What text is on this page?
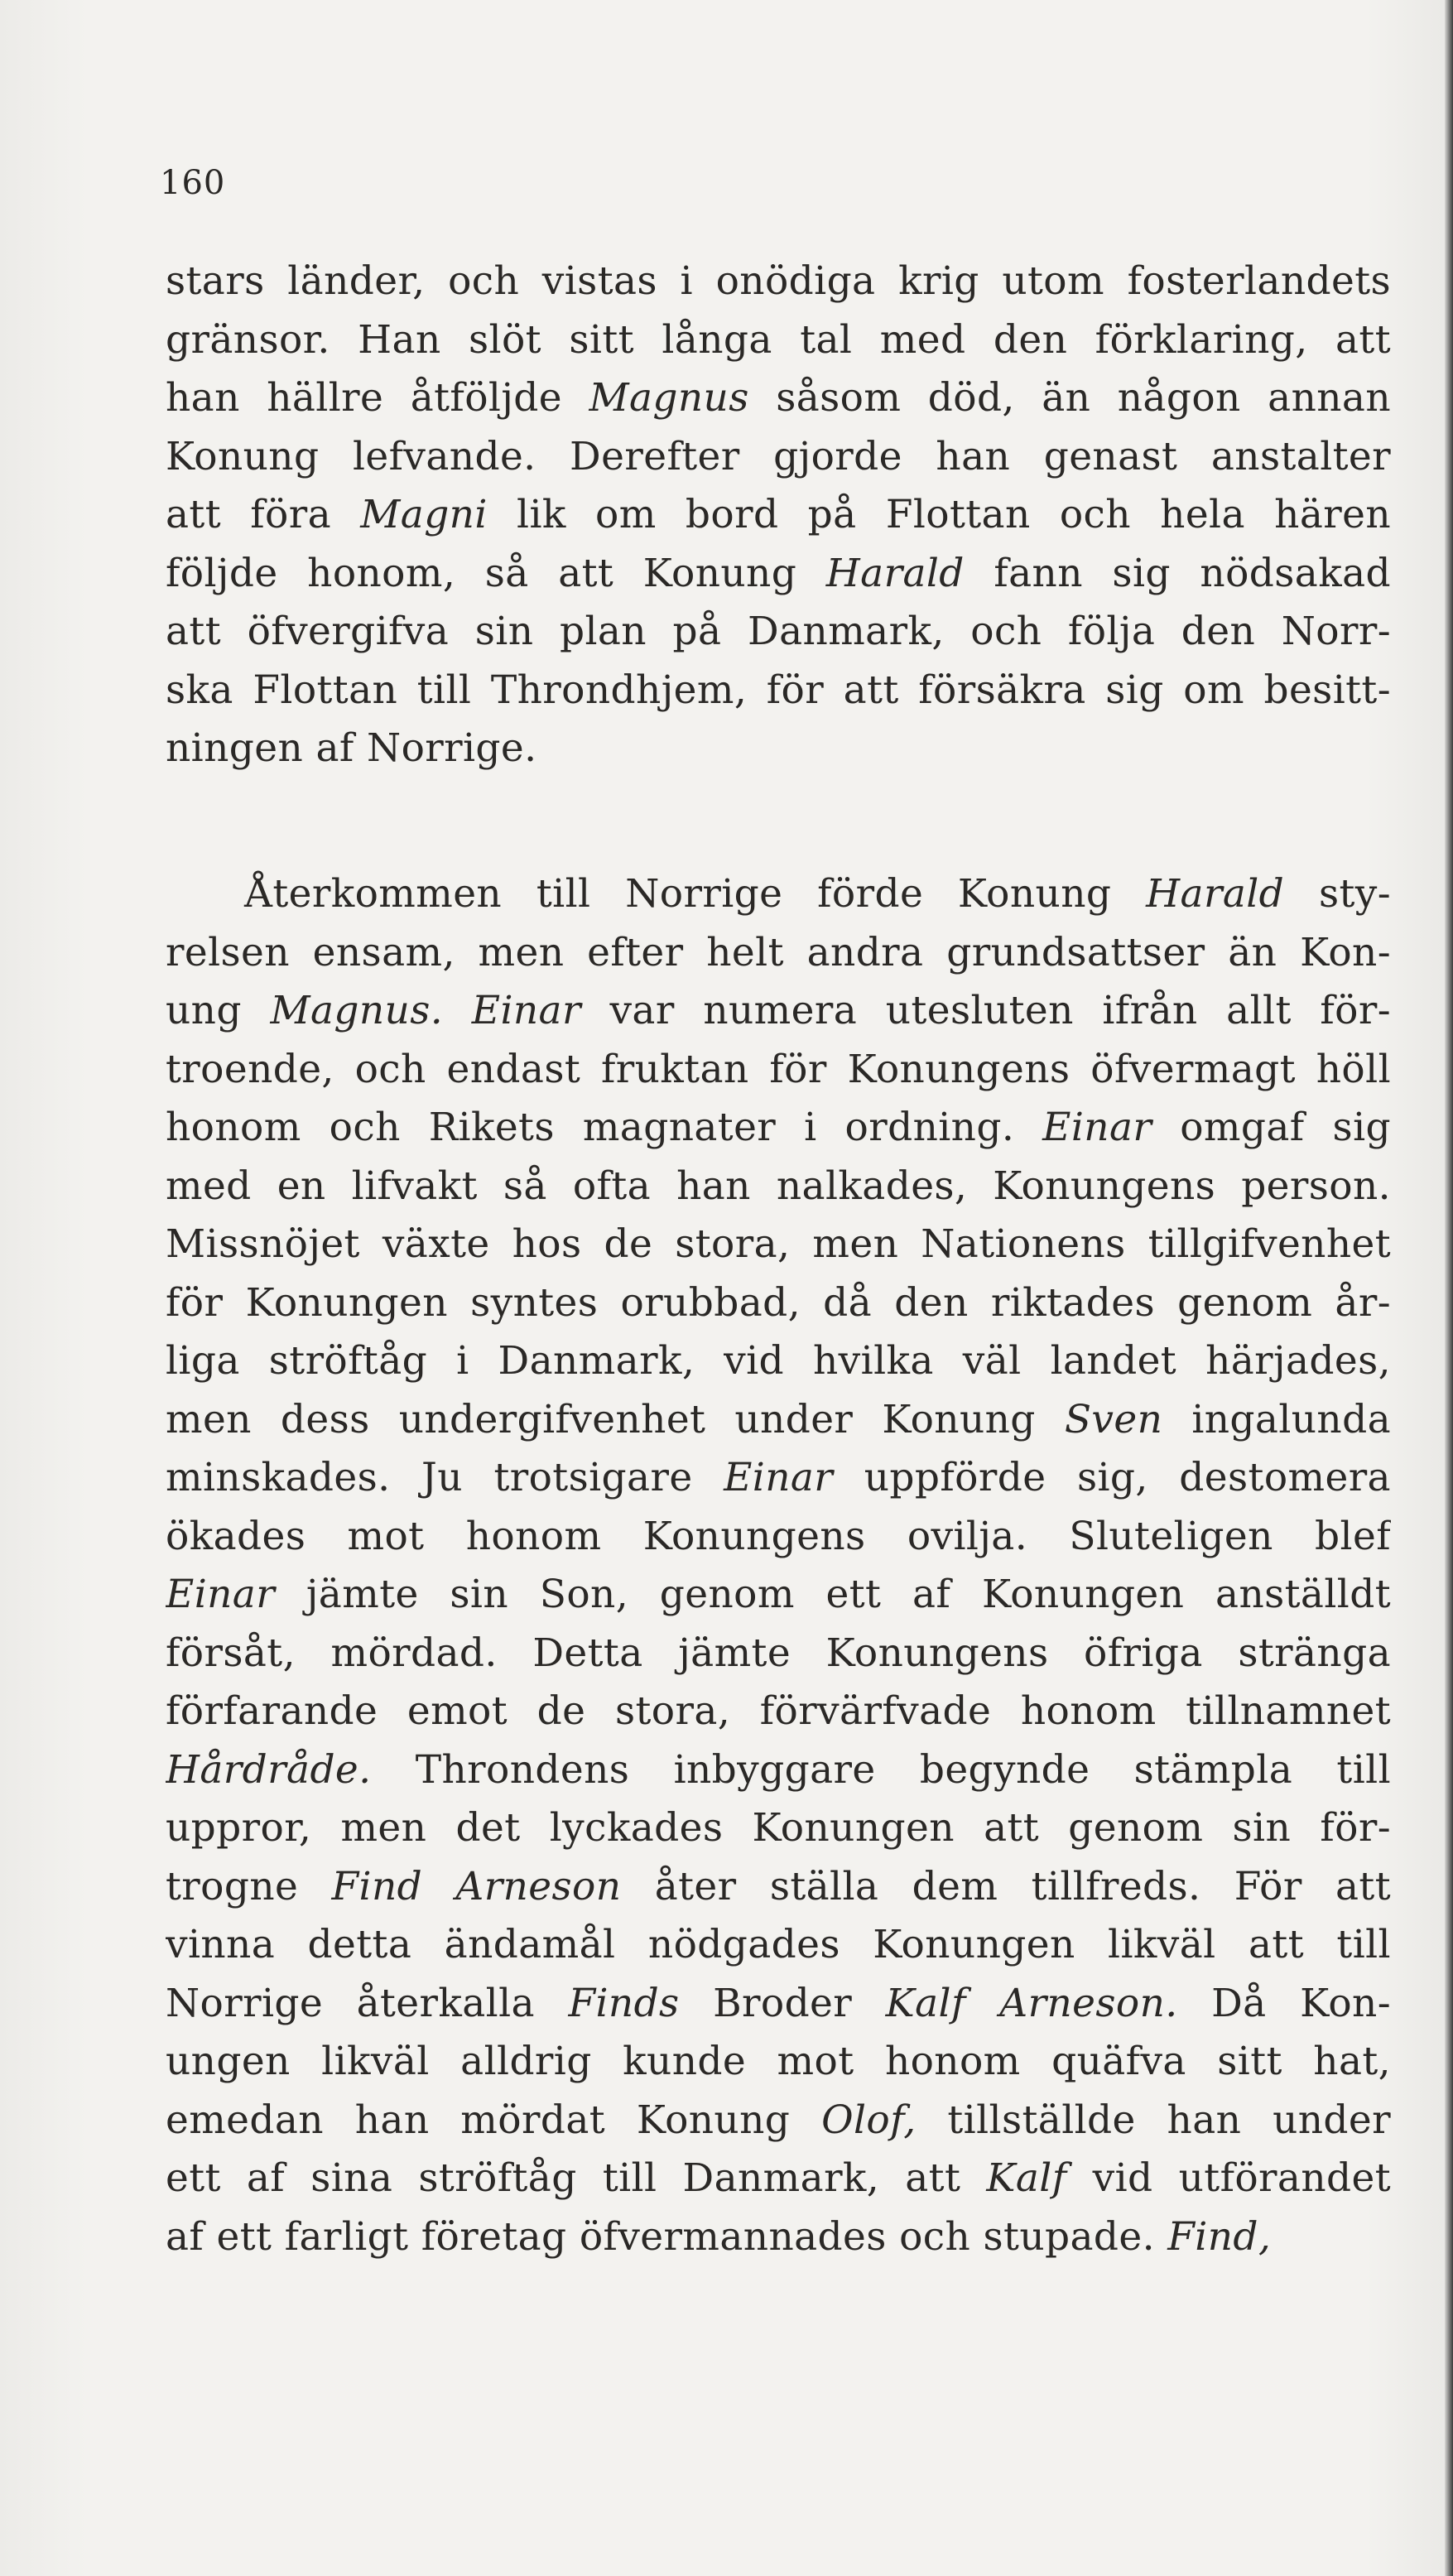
160
stars länder, och vistas i onödiga krig utom fosterlandets
gränsor. Han slöt sitt långa tal med den förklaring, att
han hällre åtföljde Magnus såsom död, än någon annan
Konung lefvande. Derefter gjorde han genast anstalter
att föra Magni lik om bord på Flottan och hela hären
följde honom, så att Konung Harald fann sig nödsakad
att öfvergifva sin plan på Danmark, och följa den Norr-
ska Flottan till Throndhjem, för att försäkra sig om besitt-
ningen af Norrige.
Återkommen till Norrige förde Konung Harald sty-
relsen ensam, men efter helt andra grundsattser än Kon-
ung Magnus. Einar var numera utesluten ifrån allt för-
troende, och endast fruktan för Konungens öfvermagt höll
honom och Rikets magnater i ordning. Einar omgaf sig
med en lifvakt så ofta han nalkades, Konungens person.
Missnöjet växte hos de stora, men Nationens tillgifvenhet
för Konungen syntes orubbad, då den riktades genom år-
liga ströftåg i Danmark, vid hvilka väl landet härjades,
men dess undergifvenhet under Konung Sven ingalunda
minskades. Ju trotsigare Einar uppförde sig, destomera
ökades mot honom Konungens ovilja. Sluteligen blef
Einar jämte sin Son, genom ett af Konungen anställdt
försåt, mördad. Detta jämte Konungens öfriga stränga
förfarande emot de stora, förvärfvade honom tillnamnet
Hårdråde. Throndens inbyggare begynde stämpla till
uppror, men det lyckades Konungen att genom sin för-
trogne Find Arneson åter ställa dem tillfreds. För att
vinna detta ändamål nödgades Konungen likväl att till
Norrige återkalla Finds Broder Kalf Arneson. Då Kon-
ungen likväl alldrig kunde mot honom quäfva sitt hat,
emedan han mördat Konung Olof, tillställde han under
ett af sina ströftåg till Danmark, att Kalf vid utförandet
af ett farligt företag öfvermannades och stupade. Find,
